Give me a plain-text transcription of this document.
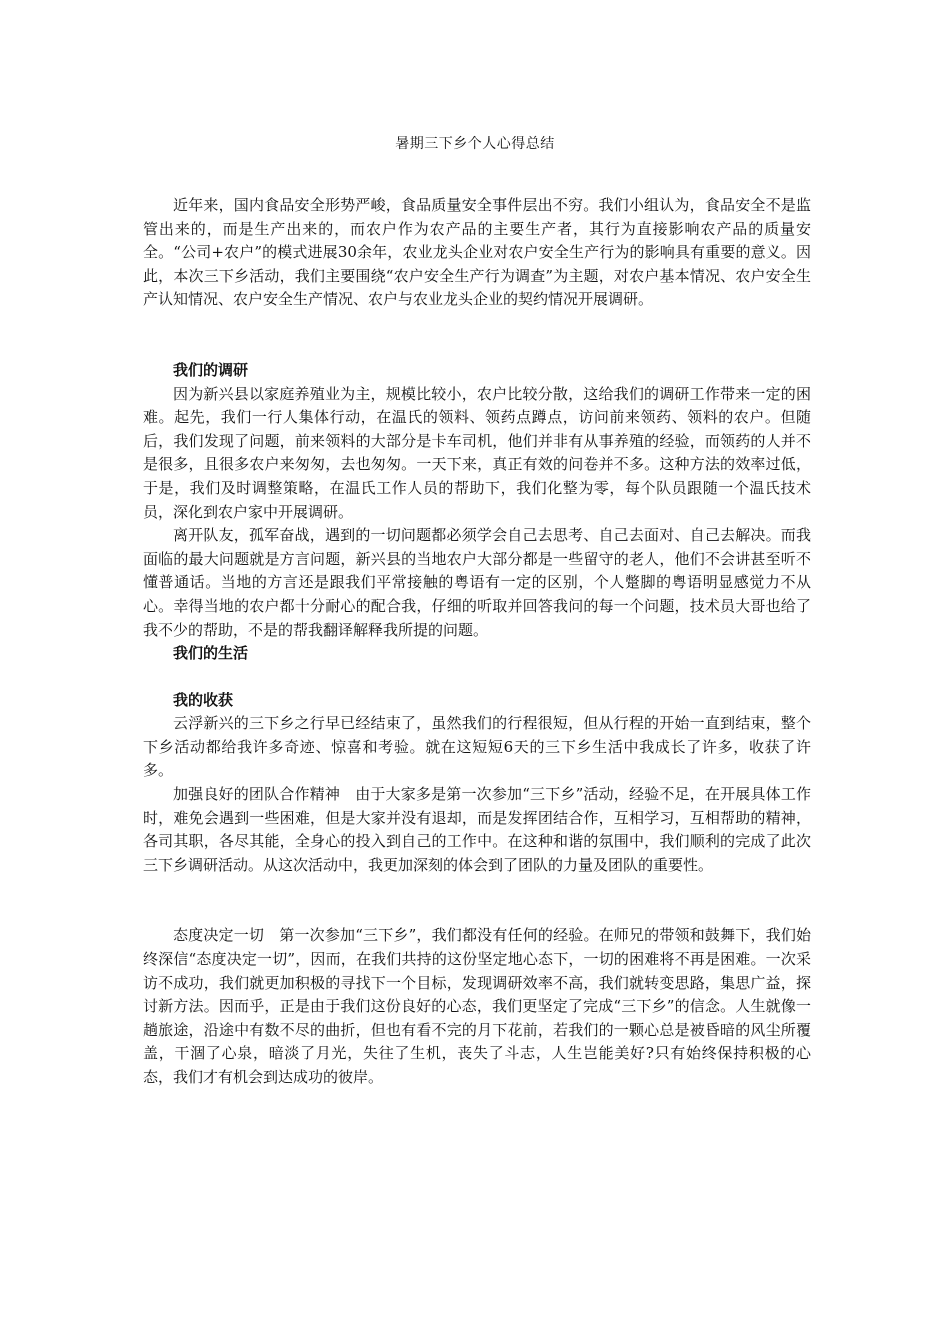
暑期三下乡个人心得总结

近年来，国内食品安全形势严峻，食品质量安全事件层出不穷。我们小组认为，食品安全不是监管出来的，而是生产出来的，而农户作为农产品的主要生产者，其行为直接影响农产品的质量安全。“公司+农户”的模式进展30余年，农业龙头企业对农户安全生产行为的影响具有重要的意义。因此，本次三下乡活动，我们主要围绕“农户安全生产行为调查”为主题，对农户基本情况、农户安全生产认知情况、农户安全生产情况、农户与农业龙头企业的契约情况开展调研。

我们的调研

因为新兴县以家庭养殖业为主，规模比较小，农户比较分散，这给我们的调研工作带来一定的困难。起先，我们一行人集体行动，在温氏的领料、领药点蹲点，访问前来领药、领料的农户。但随后，我们发现了问题，前来领料的大部分是卡车司机，他们并非有从事养殖的经验，而领药的人并不是很多，且很多农户来匆匆，去也匆匆。一天下来，真正有效的问卷并不多。这种方法的效率过低，于是，我们及时调整策略，在温氏工作人员的帮助下，我们化整为零，每个队员跟随一个温氏技术员，深化到农户家中开展调研。

离开队友，孤军奋战，遇到的一切问题都必须学会自己去思考、自己去面对、自己去解决。而我面临的最大问题就是方言问题，新兴县的当地农户大部分都是一些留守的老人，他们不会讲甚至听不懂普通话。当地的方言还是跟我们平常接触的粤语有一定的区别，个人蹩脚的粤语明显感觉力不从心。幸得当地的农户都十分耐心的配合我，仔细的听取并回答我问的每一个问题，技术员大哥也给了我不少的帮助，不是的帮我翻译解释我所提的问题。

我们的生活

我的收获

云浮新兴的三下乡之行早已经结束了，虽然我们的行程很短，但从行程的开始一直到结束，整个下乡活动都给我许多奇迹、惊喜和考验。就在这短短6天的三下乡生活中我成长了许多，收获了许多。

加强良好的团队合作精神　由于大家多是第一次参加“三下乡”活动，经验不足，在开展具体工作时，难免会遇到一些困难，但是大家并没有退却，而是发挥团结合作，互相学习，互相帮助的精神，各司其职，各尽其能，全身心的投入到自己的工作中。在这种和谐的氛围中，我们顺利的完成了此次三下乡调研活动。从这次活动中，我更加深刻的体会到了团队的力量及团队的重要性。

态度决定一切　第一次参加“三下乡”，我们都没有任何的经验。在师兄的带领和鼓舞下，我们始终深信“态度决定一切”，因而，在我们共持的这份坚定地心态下，一切的困难将不再是困难。一次采访不成功，我们就更加积极的寻找下一个目标，发现调研效率不高，我们就转变思路，集思广益，探讨新方法。因而乎，正是由于我们这份良好的心态，我们更坚定了完成“三下乡”的信念。人生就像一趟旅途，沿途中有数不尽的曲折，但也有看不完的月下花前，若我们的一颗心总是被昏暗的风尘所覆盖，干涸了心泉，暗淡了月光，失往了生机，丧失了斗志，人生岂能美好?只有始终保持积极的心态，我们才有机会到达成功的彼岸。
